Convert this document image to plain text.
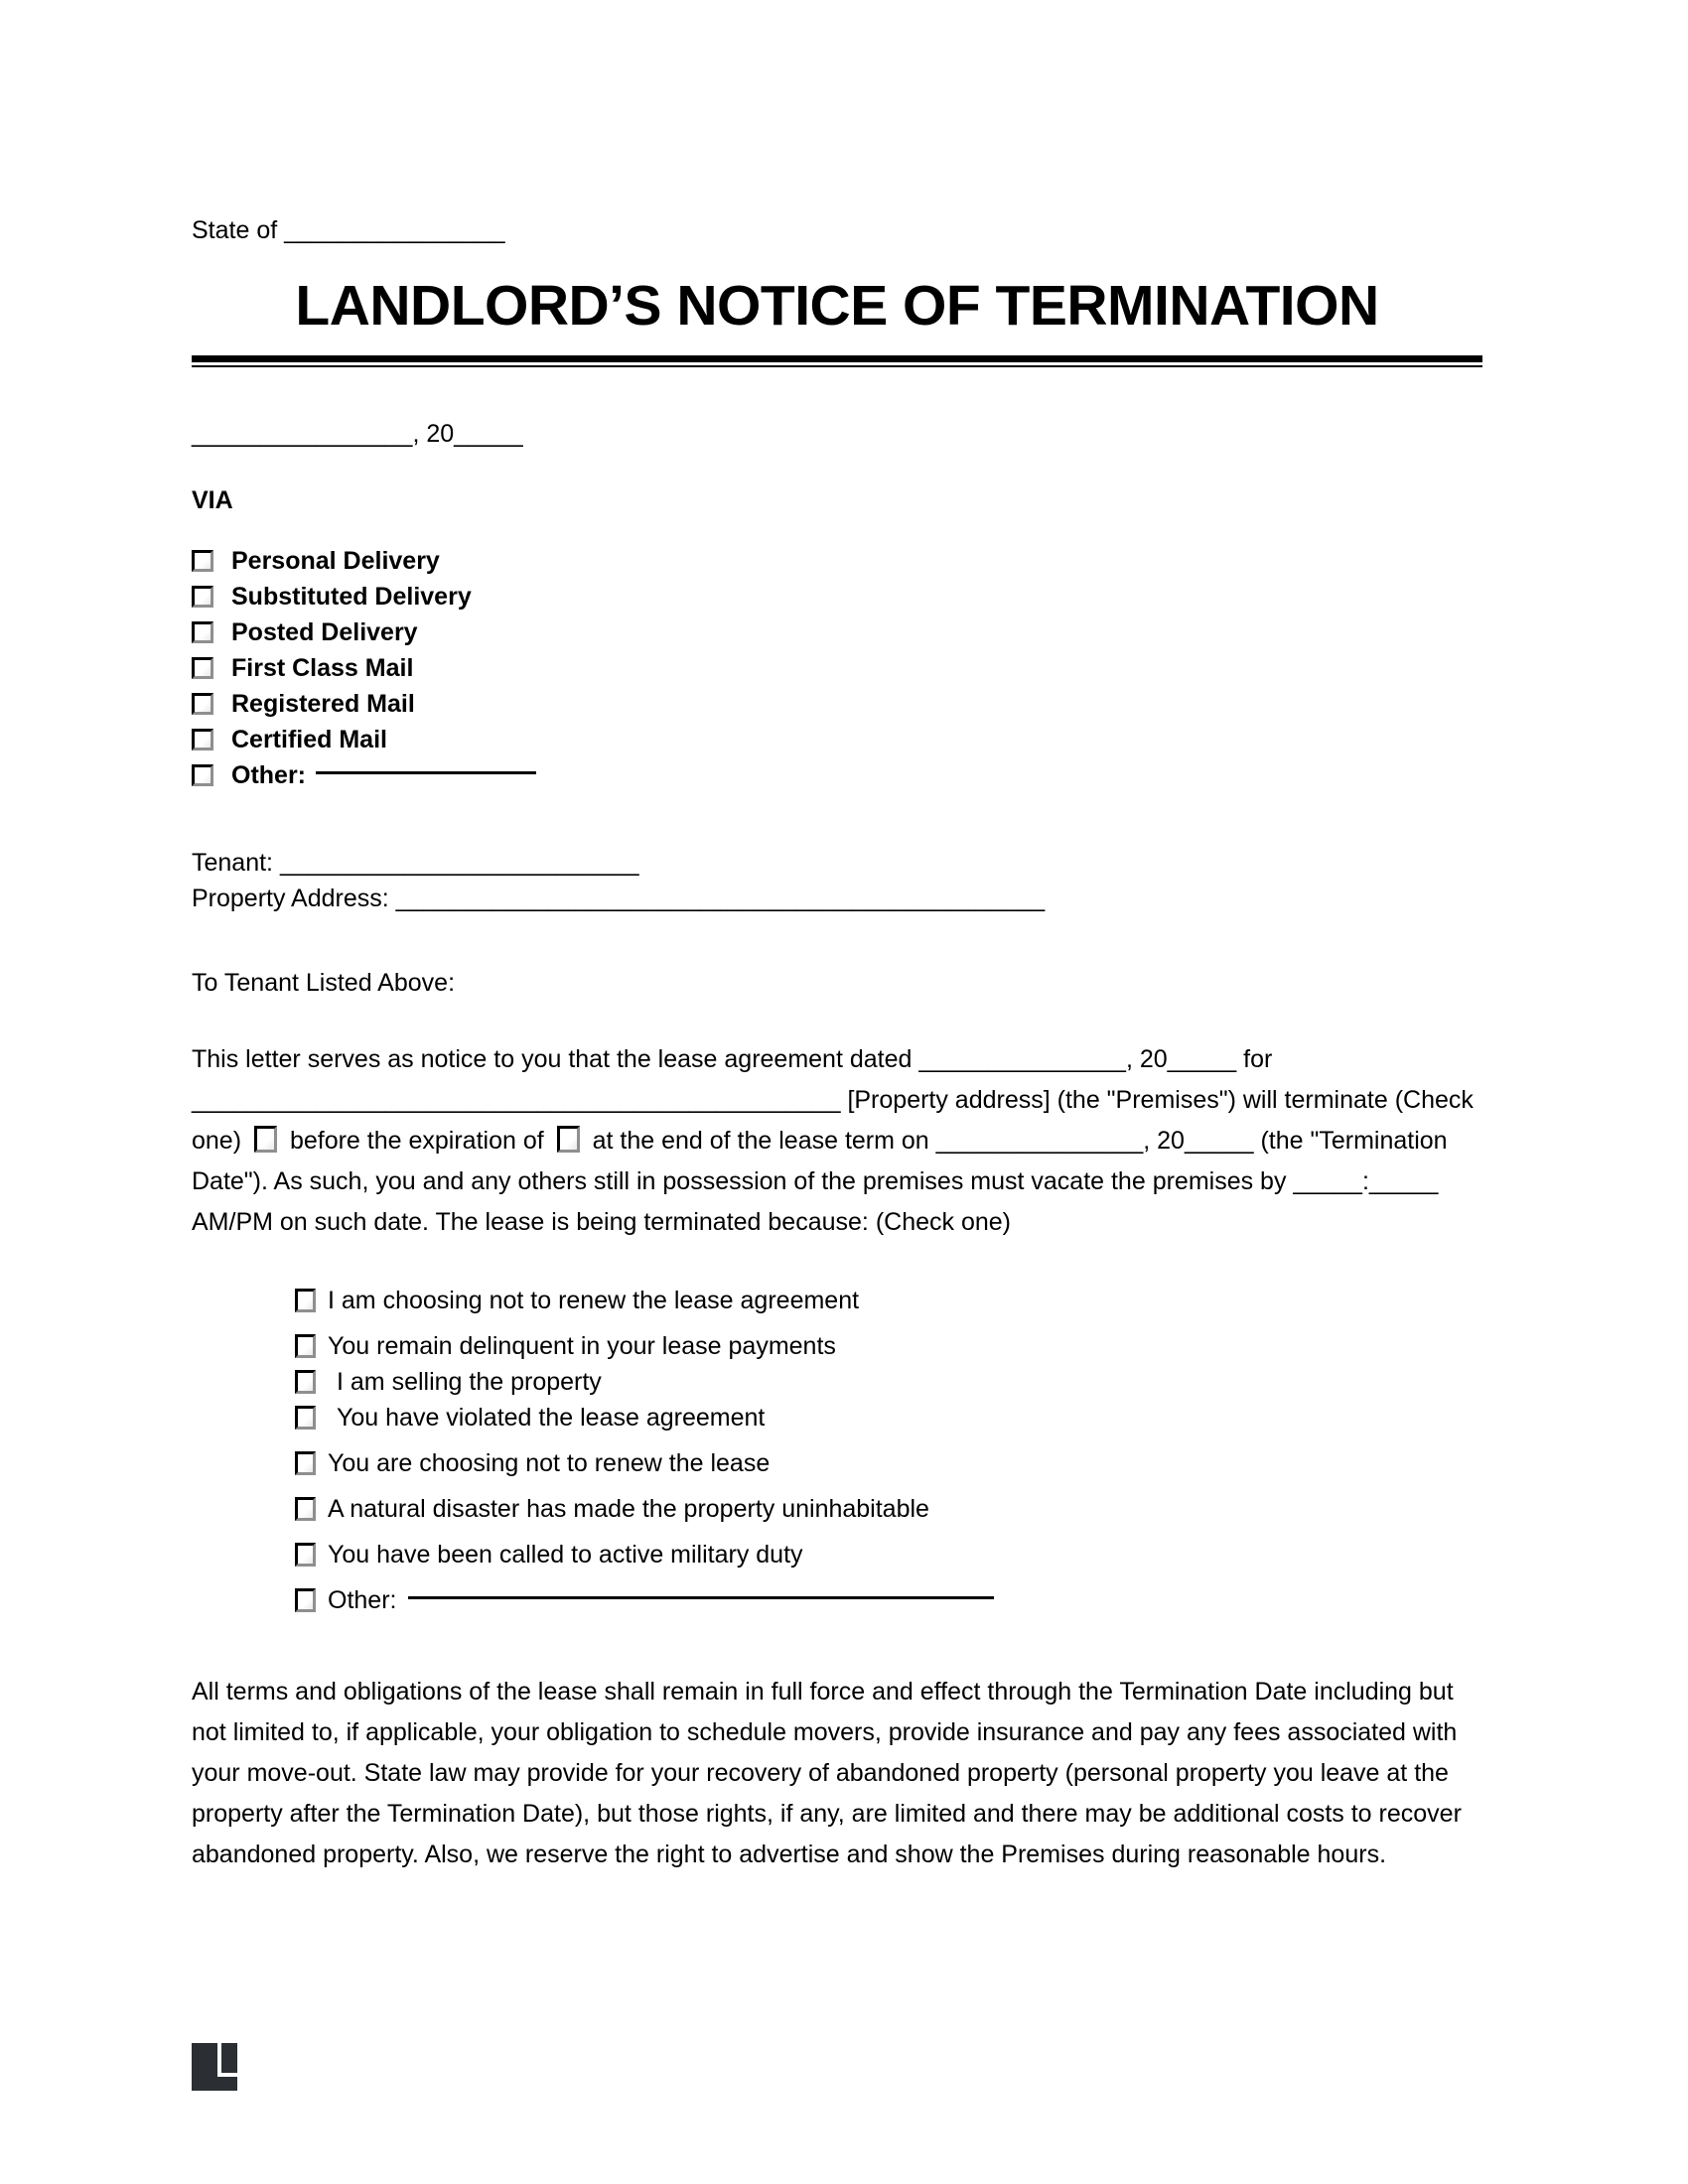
State of ________________
LANDLORD’S NOTICE OF TERMINATION
________________, 20_____
VIA
Personal Delivery
Substituted Delivery
Posted Delivery
First Class Mail
Registered Mail
Certified Mail
Other:
Tenant: __________________________
Property Address: _______________________________________________
To Tenant Listed Above:
This letter serves as notice to you that the lease agreement dated _______________, 20_____ for _______________________________________________ [Property address] (the "Premises") will terminate (Check one) before the expiration of at the end of the lease term on _______________, 20_____ (the "Termination Date"). As such, you and any others still in possession of the premises must vacate the premises by _____:_____ AM/PM on such date. The lease is being terminated because: (Check one)
I am choosing not to renew the lease agreement
You remain delinquent in your lease payments
I am selling the property
You have violated the lease agreement
You are choosing not to renew the lease
A natural disaster has made the property uninhabitable
You have been called to active military duty
Other:
All terms and obligations of the lease shall remain in full force and effect through the Termination Date including but not limited to, if applicable, your obligation to schedule movers, provide insurance and pay any fees associated with your move-out. State law may provide for your recovery of abandoned property (personal property you leave at the property after the Termination Date), but those rights, if any, are limited and there may be additional costs to recover abandoned property. Also, we reserve the right to advertise and show the Premises during reasonable hours.
